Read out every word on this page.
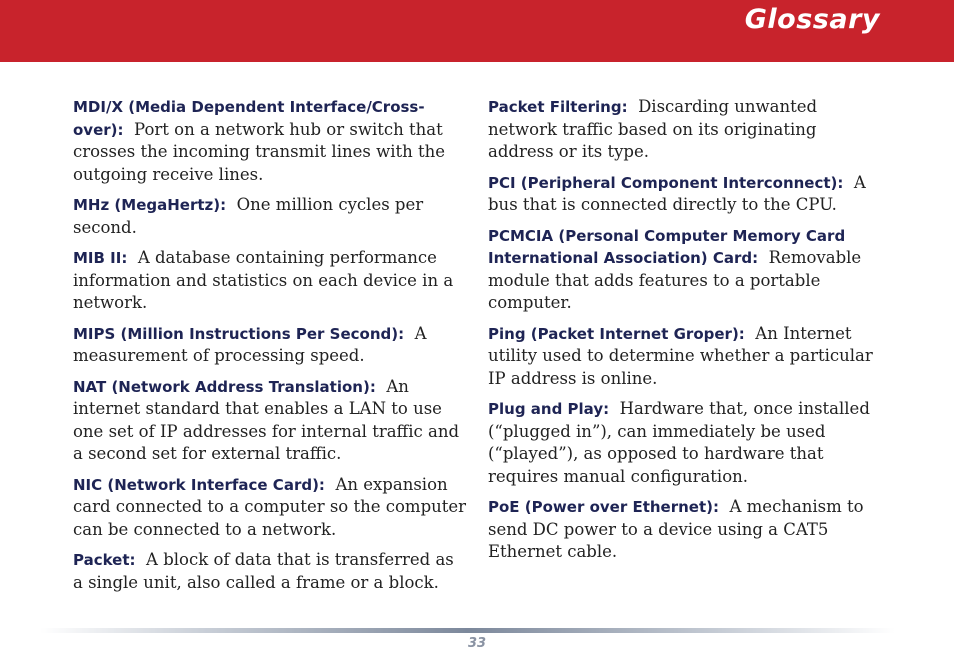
Glossary

MDI/X (Media Dependent Interface/Cross-over): Port on a network hub or switch that crosses the incoming transmit lines with the outgoing receive lines.

MHz (MegaHertz): One million cycles per second.

MIB II: A database containing performance information and statistics on each device in a network.

MIPS (Million Instructions Per Second): A measurement of processing speed.

NAT (Network Address Translation): An internet standard that enables a LAN to use one set of IP addresses for internal traffic and a second set for external traffic.

NIC (Network Interface Card): An expansion card connected to a computer so the computer can be connected to a network.

Packet: A block of data that is transferred as a single unit, also called a frame or a block.

Packet Filtering: Discarding unwanted network traffic based on its originating address or its type.

PCI (Peripheral Component Interconnect): A bus that is connected directly to the CPU.

PCMCIA (Personal Computer Memory Card International Association) Card: Removable module that adds features to a portable computer.

Ping (Packet Internet Groper): An Internet utility used to determine whether a particular IP address is online.

Plug and Play: Hardware that, once installed (“plugged in”), can immediately be used (“played”), as opposed to hardware that requires manual configuration.

PoE (Power over Ethernet): A mechanism to send DC power to a device using a CAT5 Ethernet cable.

33
